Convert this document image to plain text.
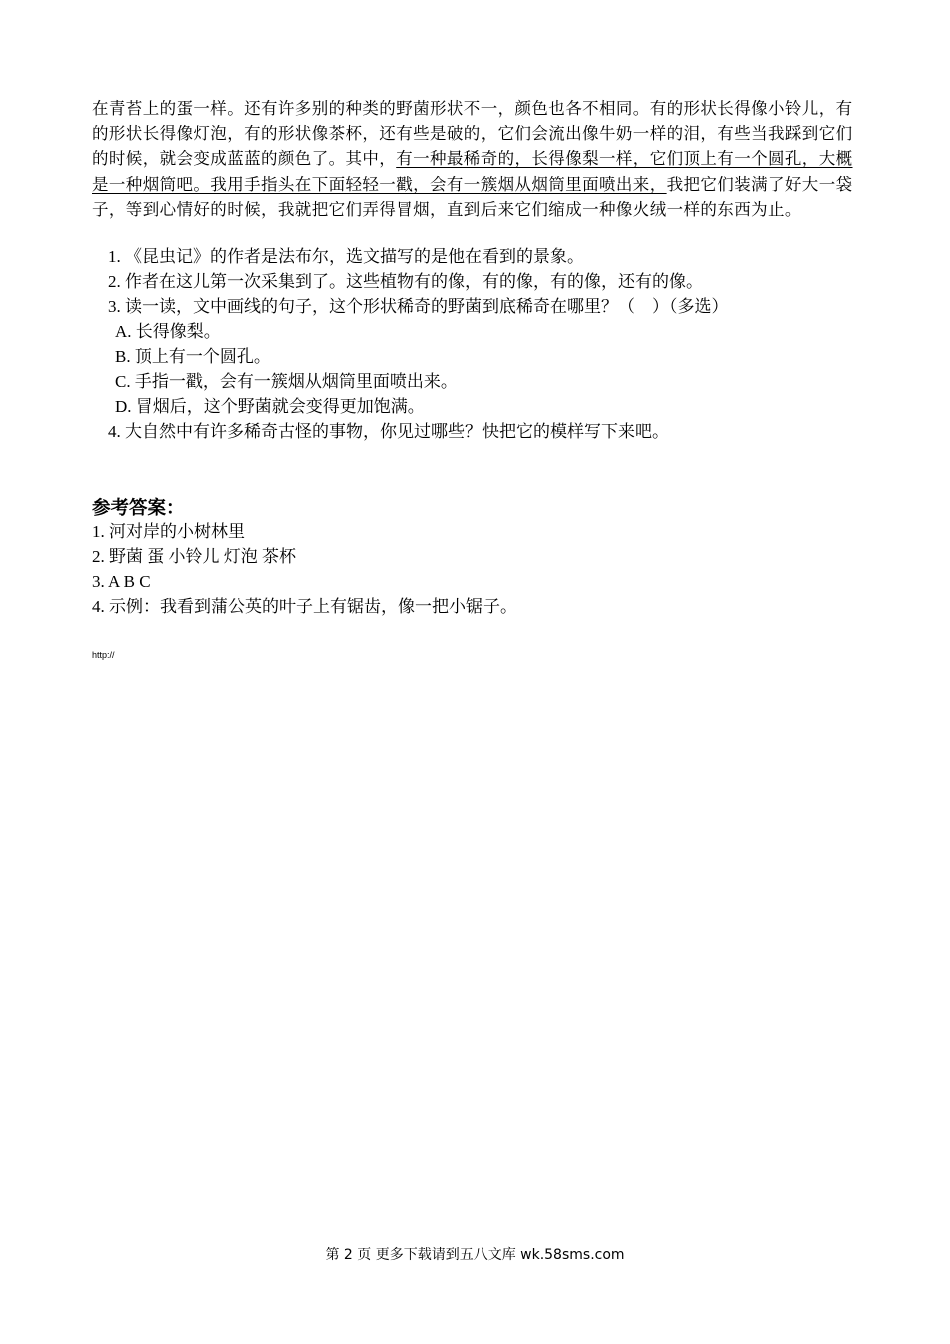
在青苔上的蛋一样。还有许多别的种类的野菌形状不一，颜色也各不相同。有的形状长得像小铃儿，有的形状长得像灯泡，有的形状像茶杯，还有些是破的，它们会流出像牛奶一样的泪，有些当我踩到它们的时候，就会变成蓝蓝的颜色了。其中，有一种最稀奇的，长得像梨一样，它们顶上有一个圆孔，大概是一种烟筒吧。我用手指头在下面轻轻一戳，会有一簇烟从烟筒里面喷出来，我把它们装满了好大一袋子，等到心情好的时候，我就把它们弄得冒烟，直到后来它们缩成一种像火绒一样的东西为止。
1. 《昆虫记》的作者是法布尔，选文描写的是他在看到的景象。
2. 作者在这儿第一次采集到了。这些植物有的像，有的像，有的像，还有的像。
3. 读一读，文中画线的句子，这个形状稀奇的野菌到底稀奇在哪里？（　）（多选）
A. 长得像梨。
B. 顶上有一个圆孔。
C. 手指一戳，会有一簇烟从烟筒里面喷出来。
D. 冒烟后，这个野菌就会变得更加饱满。
4. 大自然中有许多稀奇古怪的事物，你见过哪些？快把它的模样写下来吧。
参考答案：
1. 河对岸的小树林里
2. 野菌 蛋 小铃儿 灯泡 茶杯
3. A B C
4. 示例：我看到蒲公英的叶子上有锯齿，像一把小锯子。
http://
第 2 页 更多下载请到五八文库 wk.58sms.com
